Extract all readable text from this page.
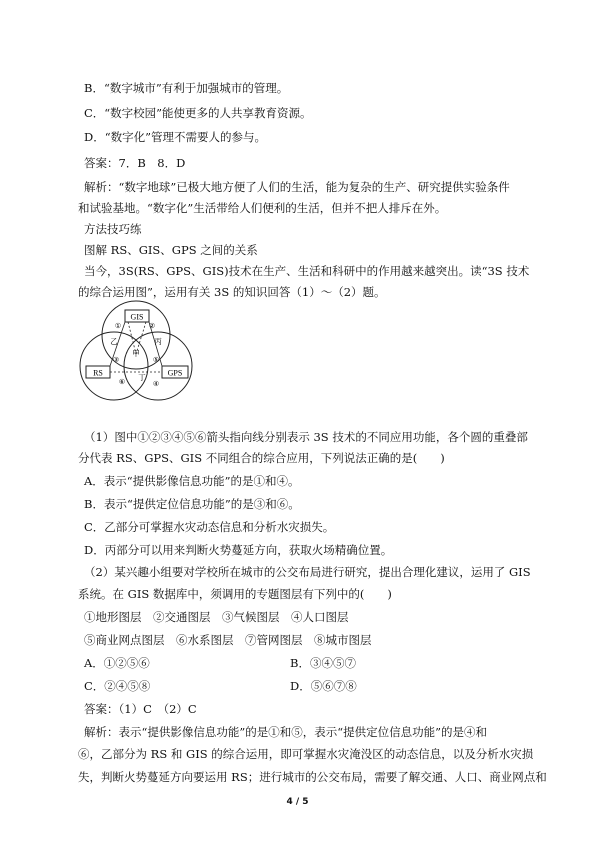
B．“数字城市”有利于加强城市的管理。
C．“数字校园”能使更多的人共享教育资源。
D．“数字化”管理不需要人的参与。
答案：7．B　8．D
解析：“数字地球”已极大地方便了人们的生活，能为复杂的生产、研究提供实验条件
和试验基地。“数字化”生活带给人们便利的生活，但并不把人排斥在外。
方法技巧练
图解 RS、GIS、GPS 之间的关系
当今，3S(RS、GPS、GIS)技术在生产、生活和科研中的作用越来越突出。读“3S 技术
的综合运用图”，运用有关 3S 的知识回答（1）～（2）题。
GIS
RS	GPS
甲
乙	丙
丁
①	②
③
⑥
⑤
④
（1）图中①②③④⑤⑥箭头指向线分别表示 3S 技术的不同应用功能，各个圆的重叠部
分代表 RS、GPS、GIS 不同组合的综合应用，下列说法正确的是(　　)
A．表示“提供影像信息功能”的是①和④。
B．表示“提供定位信息功能”的是③和⑥。
C．乙部分可掌握水灾动态信息和分析水灾损失。
D．丙部分可以用来判断火势蔓延方向，获取火场精确位置。
（2）某兴趣小组要对学校所在城市的公交布局进行研究，提出合理化建议，运用了 GIS
系统。在 GIS 数据库中，须调用的专题图层有下列中的(　　)
①地形图层　②交通图层　③气候图层　④人口图层
⑤商业网点图层　⑥水系图层　⑦管网图层　⑧城市图层
A．①②⑤⑥	B．③④⑤⑦
C．②④⑤⑧	D．⑤⑥⑦⑧
答案：（1）C　（2）C
解析：表示“提供影像信息功能”的是①和⑤，表示“提供定位信息功能”的是④和
⑥，乙部分为 RS 和 GIS 的综合运用，即可掌握水灾淹没区的动态信息，以及分析水灾损
失，判断火势蔓延方向要运用 RS；进行城市的公交布局，需要了解交通、人口、商业网点和
4 / 5
